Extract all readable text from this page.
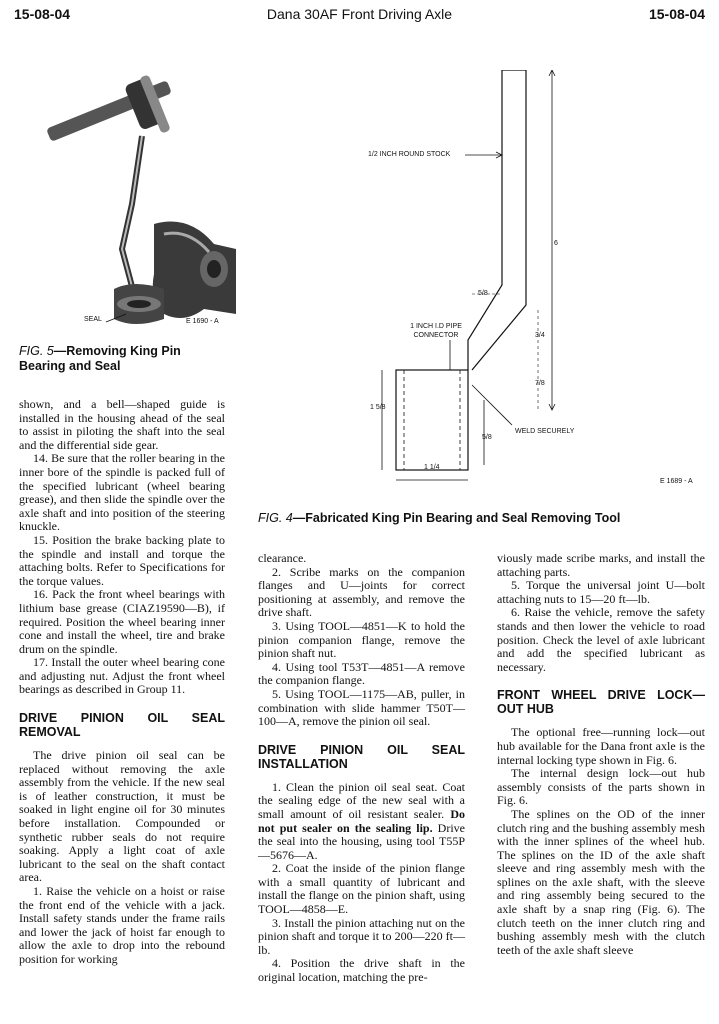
15-08-04	Dana 30AF Front Driving Axle	15-08-04
SEAL	E 1690 - A
FIG. 5—Removing King Pin Bearing and Seal
1/2 INCH ROUND STOCK
1 INCH I.D PIPE CONNECTOR
WELD SECURELY
6
5/8
3/4
7/8
1 5/8
5/8
1 1/4
E 1689 - A
FIG. 4—Fabricated King Pin Bearing and Seal Removing Tool

shown, and a bell—shaped guide is installed in the housing ahead of the seal to assist in piloting the shaft into the seal and the differential side gear.

14. Be sure that the roller bearing in the inner bore of the spindle is packed full of the specified lubricant (wheel bearing grease), and then slide the spindle over the axle shaft and into position of the steering knuckle.

15. Position the brake backing plate to the spindle and install and torque the attaching bolts. Refer to Specifications for the torque values.

16. Pack the front wheel bearings with lithium base grease (CIAZ19590—B), if required. Position the wheel bearing inner cone and install the wheel, tire and brake drum on the spindle.

17. Install the outer wheel bearing cone and adjusting nut. Adjust the front wheel bearings as described in Group 11.

DRIVE PINION OIL SEAL REMOVAL

The drive pinion oil seal can be replaced without removing the axle assembly from the vehicle. If the new seal is of leather construction, it must be soaked in light engine oil for 30 minutes before installation. Compounded or synthetic rubber seals do not require soaking. Apply a light coat of axle lubricant to the seal on the shaft contact area.

1. Raise the vehicle on a hoist or raise the front end of the vehicle with a jack. Install safety stands under the frame rails and lower the jack of hoist far enough to allow the axle to drop into the rebound position for working

clearance.

2. Scribe marks on the companion flanges and U—joints for correct positioning at assembly, and remove the drive shaft.

3. Using TOOL—4851—K to hold the pinion companion flange, remove the pinion shaft nut.

4. Using tool T53T—4851—A remove the companion flange.

5. Using TOOL—1175—AB, puller, in combination with slide hammer T50T—100—A, remove the pinion oil seal.

DRIVE PINION OIL SEAL INSTALLATION

1. Clean the pinion oil seal seat. Coat the sealing edge of the new seal with a small amount of oil resistant sealer. Do not put sealer on the sealing lip. Drive the seal into the housing, using tool T55P—5676—A.

2. Coat the inside of the pinion flange with a small quantity of lubricant and install the flange on the pinion shaft, using TOOL—4858—E.

3. Install the pinion attaching nut on the pinion shaft and torque it to 200—220 ft—lb.

4. Position the drive shaft in the original location, matching the pre-

viously made scribe marks, and install the attaching parts.

5. Torque the universal joint U—bolt attaching nuts to 15—20 ft—lb.

6. Raise the vehicle, remove the safety stands and then lower the vehicle to road position. Check the level of axle lubricant and add the specified lubricant as necessary.

FRONT WHEEL DRIVE LOCK—OUT HUB

The optional free—running lock—out hub available for the Dana front axle is the internal locking type shown in Fig. 6.

The internal design lock—out hub assembly consists of the parts shown in Fig. 6.

The splines on the OD of the inner clutch ring and the bushing assembly mesh with the inner splines of the wheel hub. The splines on the ID of the axle shaft sleeve and ring assembly mesh with the splines on the axle shaft, with the sleeve and ring assembly being secured to the axle shaft by a snap ring (Fig. 6). The clutch teeth on the inner clutch ring and bushing assembly mesh with the clutch teeth of the axle shaft sleeve
